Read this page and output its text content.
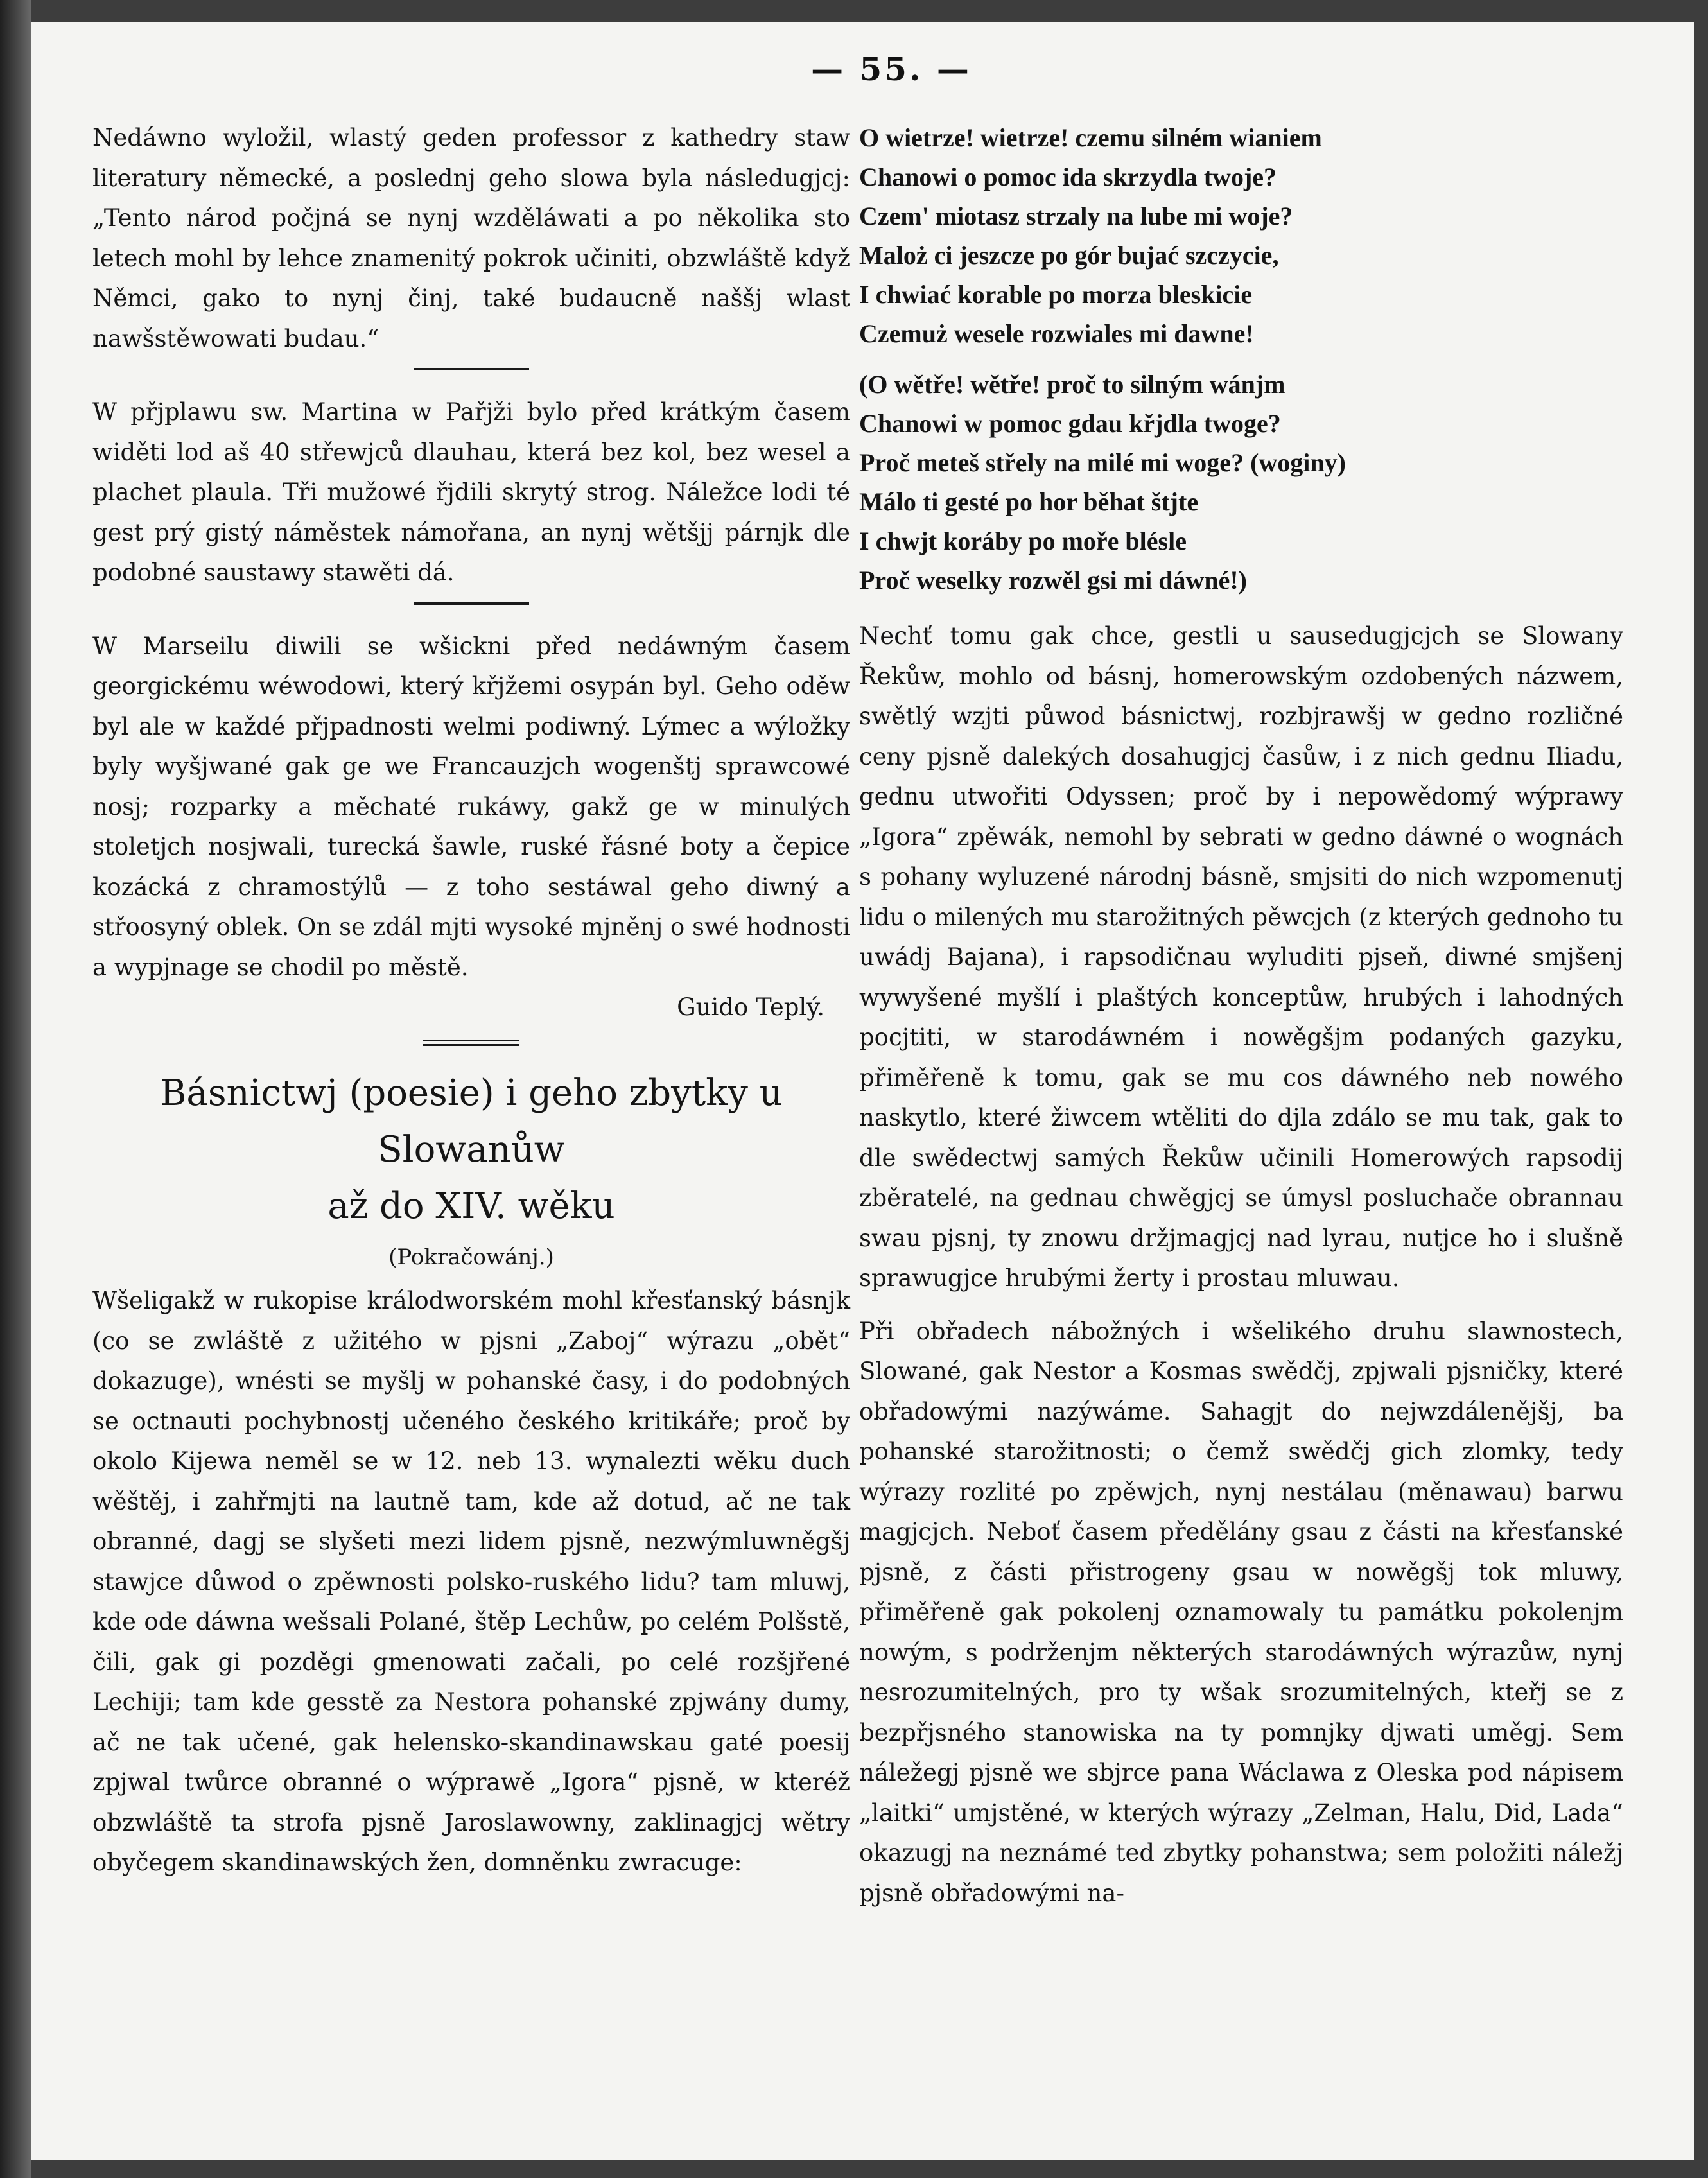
— 55. —

Nedáwno wyložil, wlastý geden professor z kathedry staw literatury německé, a poslednj geho slowa byla následugjcj: „Tento národ počjná se nynj wzděláwati a po několika sto letech mohl by lehce znamenitý pokrok učiniti, obzwláště když Němci, gako to nynj činj, také budaucně naššj wlast nawšstěwowati budau.“

W přjplawu sw. Martina w Pařjži bylo před krátkým časem widěti lod aš 40 střewjců dlauhau, která bez kol, bez wesel a plachet plaula. Tři mužowé řjdili skrytý strog. Náležce lodi té gest prý gistý náměstek námořana, an nynj wětšjj párnjk dle podobné saustawy stawěti dá.

W Marseilu diwili se wšickni před nedáwným časem georgickému wéwodowi, který křjžemi osypán byl. Geho oděw byl ale w každé přjpadnosti welmi podiwný. Lýmec a wýložky byly wyšjwané gak ge we Francauzjch wogenštj sprawcowé nosj; rozparky a měchaté rukáwy, gakž ge w minulých stoletjch nosjwali, turecká šawle, ruské řásné boty a čepice kozácká z chramostýlů — z toho sestáwal geho diwný a střoosyný oblek. On se zdál mjti wysoké mjněnj o swé hodnosti a wypjnage se chodil po městě.

Guido Teplý.
Básnictwj (poesie) i geho zbytky u Slowanůw
až do XIV. wěku
(Pokračowánj.)

Wšeligakž w rukopise králodworském mohl křesťanský básnjk (co se zwláště z užitého w pjsni „Zaboj“ wýrazu „obět“ dokazuge), wnésti se myšlj w pohanské časy, i do podobných se octnauti pochybnostj učeného českého kritikáře; proč by okolo Kijewa neměl se w 12. neb 13. wynalezti wěku duch wěštěj, i zahřmjti na lautně tam, kde až dotud, ač ne tak obranné, dagj se slyšeti mezi lidem pjsně, nezwýmluwněgšj stawjce důwod o zpěwnosti polsko-ruského lidu? tam mluwj, kde ode dáwna wešsali Polané, štěp Lechůw, po celém Polšstě, čili, gak gi pozděgi gmenowati začali, po celé rozšjřené Lechiji; tam kde gesstě za Nestora pohanské zpjwány dumy, ač ne tak učené, gak helensko-skandinawskau gaté poesij zpjwal twůrce obranné o wýprawě „Igora“ pjsně, w kteréž obzwláště ta strofa pjsně Jaroslawowny, zaklinagjcj wětry obyčegem skandinawských žen, domněnku zwracuge:

O wietrze! wietrze! czemu silném wianiem
Chanowi o pomoc ida skrzydla twoje?
Czem' miotasz strzaly na lube mi woje?
Maloż ci jeszcze po gór bujać szczycie,
I chwiać korable po morza bleskicie
Czemuż wesele rozwiales mi dawne!
(O wětře! wětře! proč to silným wánjm
Chanowi w pomoc gdau křjdla twoge?
Proč meteš střely na milé mi woge? (woginy)
Málo ti gesté po hor běhat štjte
I chwjt koráby po moře blésle
Proč weselky rozwěl gsi mi dáwné!)

Nechť tomu gak chce, gestli u sausedugjcjch se Slowany Řekůw, mohlo od básnj, homerowským ozdobených názwem, swětlý wzjti půwod básnictwj, rozbjrawšj w gedno rozličné ceny pjsně dalekých dosahugjcj časůw, i z nich gednu Iliadu, gednu utwořiti Odyssen; proč by i nepowědomý wýprawy „Igora“ zpěwák, nemohl by sebrati w gedno dáwné o wognách s pohany wyluzené národnj básně, smjsiti do nich wzpomenutj lidu o milených mu starožitných pěwcjch (z kterých gednoho tu uwádj Bajana), i rapsodičnau wyluditi pjseň, diwné smjšenj wywyšené myšlí i plaštých konceptůw, hrubých i lahodných pocjtiti, w starodáwném i nowěgšjm podaných gazyku, přiměřeně k tomu, gak se mu cos dáwného neb nowého naskytlo, které žiwcem wtěliti do djla zdálo se mu tak, gak to dle swědectwj samých Řekůw učinili Homerowých rapsodij zběratelé, na gednau chwěgjcj se úmysl posluchače obrannau swau pjsnj, ty znowu držjmagjcj nad lyrau, nutjce ho i slušně sprawugjce hrubými žerty i prostau mluwau.

Při obřadech nábožných i wšelikého druhu slawnostech, Slowané, gak Nestor a Kosmas swědčj, zpjwali pjsničky, které obřadowými nazýwáme. Sahagjt do nejwzdálenějšj, ba pohanské starožitnosti; o čemž swědčj gich zlomky, tedy wýrazy rozlité po zpěwjch, nynj nestálau (měnawau) barwu magjcjch. Neboť časem předělány gsau z části na křesťanské pjsně, z části přistrogeny gsau w nowěgšj tok mluwy, přiměřeně gak pokolenj oznamowaly tu památku pokolenjm nowým, s podrženjm některých starodáwných wýrazůw, nynj nesrozumitelných, pro ty wšak srozumitelných, kteřj se z bezpřjsného stanowiska na ty pomnjky djwati uměgj. Sem náležegj pjsně we sbjrce pana Wáclawa z Oleska pod nápisem „laitki“ umjstěné, w kterých wýrazy „Zelman, Halu, Did, Lada“ okazugj na neznámé ted zbytky pohanstwa; sem položiti náležj pjsně obřadowými na-
